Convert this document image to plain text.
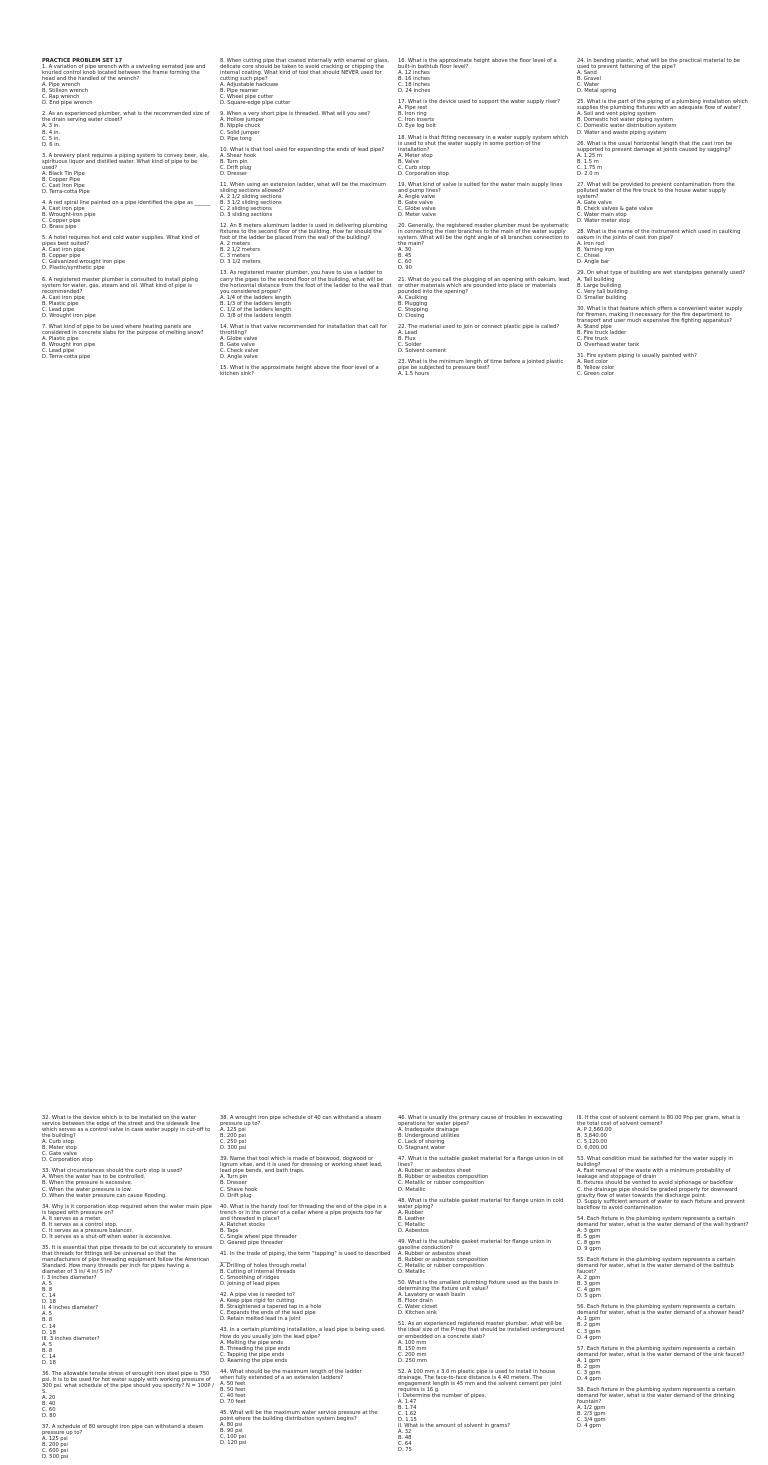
PRACTICE PROBLEM SET 17
1. A variation of pipe wrench with a swiveling serrated jaw and knurled control knob located between the frame forming the head and the handled of the wrench?
A. Pipe wrench
B. Stillson wrench
C. Rap wrench
D. End pipe wrench
2. As an experienced plumber, what is the recommended size of the drain serving water closet?
A. 3 in.
B. 4 in.
C. 5 in.
D. 6 in.
3. A brewery plant requires a piping system to convey beer, ale, spirituous liquor and distilled water. What kind of pipe to be used?
A. Black Tin Pipe
B. Copper Pipe
C. Cast Iron Pipe
D. Terra-cotta Pipe
4. A red spiral line painted on a pipe identified the pipe as ______
A. Cast iron pipe
B. Wrought-iron pipe
C. Copper pipe
D. Brass pipe
5. A hotel requires hot and cold water supplies. What kind of pipes best suited?
A. Cast iron pipe
B. Copper pipe
C. Galvanized wrought iron pipe
D. Plastic/synthetic pipe
6. A registered master plumber is consulted to install piping system for water, gas, steam and oil. What kind of pipe is recommended?
A. Cast iron pipe
B. Plastic pipe
C. Lead pipe
D. Wrought iron pipe
7. What kind of pipe to be used where heating panels are considered in concrete slabs for the purpose of melting snow?
A. Plastic pipe
B. Wrought iron pipe
C. Lead pipe
D. Terra-cotta pipe
8. When cutting pipe that coated internally with enamel or glass, delicate core should be taken to avoid cracking or chipping the internal coating. What kind of tool that should NEVER used for cutting such pipe?
A. Adjustable hacksaw
B. Pipe reamer
C. Wheel pipe cutter
D. Square-edge pipe cutter
9. When a very short pipe is threaded. What will you see?
A. Hollow jumper
B. Nipple chuck
C. Solid jumper
D. Pipe tong
10. What is that tool used for expanding the ends of lead pipe?
A. Shear hook
B. Turn pin
C. Drift plug
D. Dresser
11. When using an extension ladder, what will be the maximum sliding sections allowed?
A. 2 1/2 sliding sections
B. 3 1/2 sliding sections
C. 2 sliding sections
D. 3 sliding sections
12. An 8 meters aluminum ladder is used in delivering plumbing fixtures to the second floor of the building. How far should the foot of the ladder be placed from the wall of the building?
A. 2 meters
B. 2 1/2 meters
C. 3 meters
D. 3 1/2 meters
13. As registered master plumber, you have to use a ladder to carry the pipes to the second floor of the building, what will be the horizontal distance from the foot of the ladder to the wall that you considered proper?
A. 1/4 of the ladders length
B. 1/3 of the ladders length
C. 1/2 of the ladders length
D. 3/8 of the ladders length
14. What is that valve recommended for installation that call for throttling?
A. Globe valve
B. Gate valve
C. Check valve
D. Angle valve
15. What is the approximate height above the floor level of a kitchen sink?
16. What is the approximate height above the floor level of a built-in bathtub floor level?
A. 12 inches
B. 16 inches
C. 18 inches
D. 24 inches
17. What is the device used to support the water supply riser?
A. Pipe rest
B. Iron ring
C. Iron inserts
D. Eye log bolt
18. What is that fitting necessary in a water supply system which is used to shut the water supply in some portion of the installation?
A. Meter stop
B. Valve
C. Curb stop
D. Corporation stop
19. What kind of valve is suited for the water main supply lines and pump lines?
A. Angle valve
B. Gate valve
C. Globe valve
D. Meter valve
20. Generally, the registered master plumber must be systematic in connecting the riser branches to the main of the water supply system. What will be the right angle of all branches connection to the main?
A. 30
B. 45
C. 60
D. 90
21. What do you call the plugging of an opening with oakum, lead or other materials which are pounded into place or materials pounded into the opening?
A. Caulking
B. Plugging
C. Stopping
D. Closing
22. The material used to join or connect plastic pipe is called?
A. Lead
B. Flux
C. Solder
D. Solvent cement
23. What is the minimum length of time before a jointed plastic pipe be subjected to pressure test?
A. 1.5 hours
24. In bending plastic, what will be the practical material to be used to prevent fattening of the pipe?
A. Sand
B. Gravel
C. Water
D. Metal spring
25. What is the part of the piping of a plumbing installation which supplies the plumbing fixtures with an adequate flow of water?
A. Soil and vent piping system
B. Domestic hot water piping system
C. Domestic water distribution system
D. Water and waste piping system
26. What is the usual horizontal length that the cast iron be supported to prevent damage at joints caused by sagging?
A. 1.25 m
B. 1.5 m
C. 1.75 m
D. 2.0 m
27. What will be provided to prevent contamination from the polluted water of the fire truck to the house water supply system?
A. Gate valve
B. Check valves & gate valve
C. Water main stop
D. Water meter stop
28. What is the name of the instrument which used in caulking oakum in the joints of cast iron pipe?
A. Iron rod
B. Yarning iron
C. Chisel
D. Angle bar
29. On what type of building are wet standpipes generally used?
A. Tall building
B. Large building
C. Very tall building
D. Smaller building
30. What is that feature which offers a convenient water supply for firemen, making it necessary for the fire department to transport and user much expensive fire fighting apparatus?
A. Stand pipe
B. Fire truck ladder
C. Fire truck
D. Overhead water tank
31. Fire system piping is usually painted with?
A. Red color
B. Yellow color
C. Green color
32. What is the device which is to be installed on the water service between the edge of the street and the sidewalk line which serves as a control valve in case water supply in cut-off to the building?
A. Curb stop
B. Meter stop
C. Gate valve
D. Corporation stop
33. What circumstances should the curb stop is used?
A. When the water has to be controlled.
B. When the pressure is excessive.
C. When the water pressure is low.
D. When the water pressure can cause flooding.
34. Why is it corporation stop required when the water main pipe is tapped with pressure on?
A. It serves as a meter.
B. It serves as a control stop.
C. It serves as a pressure balancer.
D. It serves as a shut-off when water is excessive.
35. It is essential that pipe threads to be cut accurately to ensure that threads for fittings will be universal so that the manufacturers of pipe threading equipment follow the American Standard. How many threads per inch for pipes having a diameter of 3 in/ 4 in/ 5 in?
I. 3 inches diameter?
A. 5
B. 8
C. 14
D. 18
II. 4 inches diameter?
A. 5
B. 8
C. 14
D. 18
III. 3 inches diameter?
A. 5
B. 8
C. 14
D. 18
36. The allowable tensile stress of wrought iron steel pipe is 750 psi. It is to be used for hot water supply with working pressure of 300 psi. what schedule of the pipe should you specify? N = 100P / S.
A. 20
B. 40
C. 60
D. 80
37. A schedule of 80 wrought iron pipe can withstand a steam pressure up to?
A. 125 psi
B. 200 psi
C. 600 psi
D. 500 psi
38. A wrought iron pipe schedule of 40 can withstand a steam pressure up to?
A. 125 psi
B. 200 psi
C. 250 psi
D. 300 psi
39. Name that tool which is made of boxwood, dogwood or lignum vitae, and it is used for dressing or working sheet lead, lead pipe bends, and bath traps.
A. Turn pin
B. Dresser
C. Shave hook
D. Drift plug
40. What is the handy tool for threading the end of the pipe in a trench or in the corner of a cellar where a pipe projects too far and threaded in place?
A. Ratchet stocks
B. Taps
C. Single wheel pipe threader
D. Geared pipe threader
41. In the trade of piping, the term "tapping" is used to described ____.
A. Drilling of holes through metal
B. Cutting of internal threads
C. Smoothing of ridges
D. Joining of lead pipes
42. A pipe vise is needed to?
A. Keep pipe rigid for cutting
B. Straightened a tapered tap in a hole
C. Expands the ends of the lead pipe
D. Retain melted lead in a joint
43. In a certain plumbing installation, a lead pipe is being used. How do you usually join the lead pipe?
A. Melting the pipe ends
B. Threading the pipe ends
C. Tapping the pipe ends
D. Reaming the pipe ends
44. What should be the maximum length of the ladder
when fully extended of a an extension ladders?
A. 50 feet
B. 50 feet
C. 40 feet
D. 70 feet
45. What will be the maximum water service pressure at the point where the building distribution system begins?
A. 80 psi
B. 90 psi
C. 100 psi
D. 120 psi
46. What is usually the primary cause of troubles in excavating operations for water pipes?
A. Inadequate drainage
B. Underground utilities
C. Lack of shoring
D. Stagnant water
47. What is the suitable gasket material for a flange union in oil lines?
A. Rubber or asbestos sheet
B. Rubber or asbestos composition
C. Metallic or rubber composition
D. Metallic
48. What is the suitable gasket material for flange union in cold water piping?
A. Rubber
B. Leather
C. Metallic
D. Asbestos
49. What is the suitable gasket material for flange union in gasoline conduction?
A. Rubber or asbestos sheet
B. Rubber or asbestos composition
C. Metallic or rubber composition
D. Metallic
50. What is the smallest plumbing fixture used as the basis in determining the fixture unit value?
A. Lavatory or wash basin
B. Floor drain
C. Water closet
D. Kitchen sink
51. As an experienced registered master plumber, what will be the ideal size of the P-trap that should be installed underground or embedded on a concrete slab?
A. 100 mm
B. 150 mm
C. 200 mm
D. 250 mm
52. A 100 mm x 3.0 m plastic pipe is used to install in house drainage. The face-to-face distance is 4.40 meters. The engagement length is 45 mm and the solvent cement per joint requires is 16 g.
I. Determine the number of pipes.
A. 1.47
B. 1.74
C. 1.62
D. 1.15
II. What is the amount of solvent in grams?
A. 32
B. 48
C. 64
D. 75
III. If the cost of solvent cement is 80.00 Php per gram, what is the total cost of solvent cement?
A. P 2,560.00
B. 3,840.00
C. 5,120.00
D. 6,000.00
53. What condition must be satisfied for the water supply in building?
A. Fast removal of the waste with a minimum probability of leakage and stoppage of drain
B. fixtures should be vented to avoid siphonage or backflow
C. the drainage pipe should be graded properly for downward gravity flow of water towards the discharge point
D. Supply sufficient amount of water to each fixture and prevent backflow to avoid contamination
54. Each fixture in the plumbing system represents a certain demand for water, what is the water demand of the wall hydrant?
A. 3 gpm
B. 5 gpm
C. 8 gpm
D. 9 gpm
55. Each fixture in the plumbing system represents a certain demand for water, what is the water demand of the bathtub faucet?
A. 2 gpm
B. 3 gpm
C. 4 gpm
D. 5 gpm
56. Each fixture in the plumbing system represents a certain demand for water, what is the water demand of a shower head?
A. 1 gpm
B. 2 gpm
C. 3 gpm
D. 4 gpm
57. Each fixture in the plumbing system represents a certain demand for water, what is the water demand of the sink faucet?
A. 1 gpm
B. 2 gpm
C. 3 gpm
D. 4 gpm
58. Each fixture in the plumbing system represents a certain demand for water, what is the water demand of the drinking fountain?
A. 1/2 gpm
B. 2/3 gpm
C. 3/4 gpm
D. 4 gpm
